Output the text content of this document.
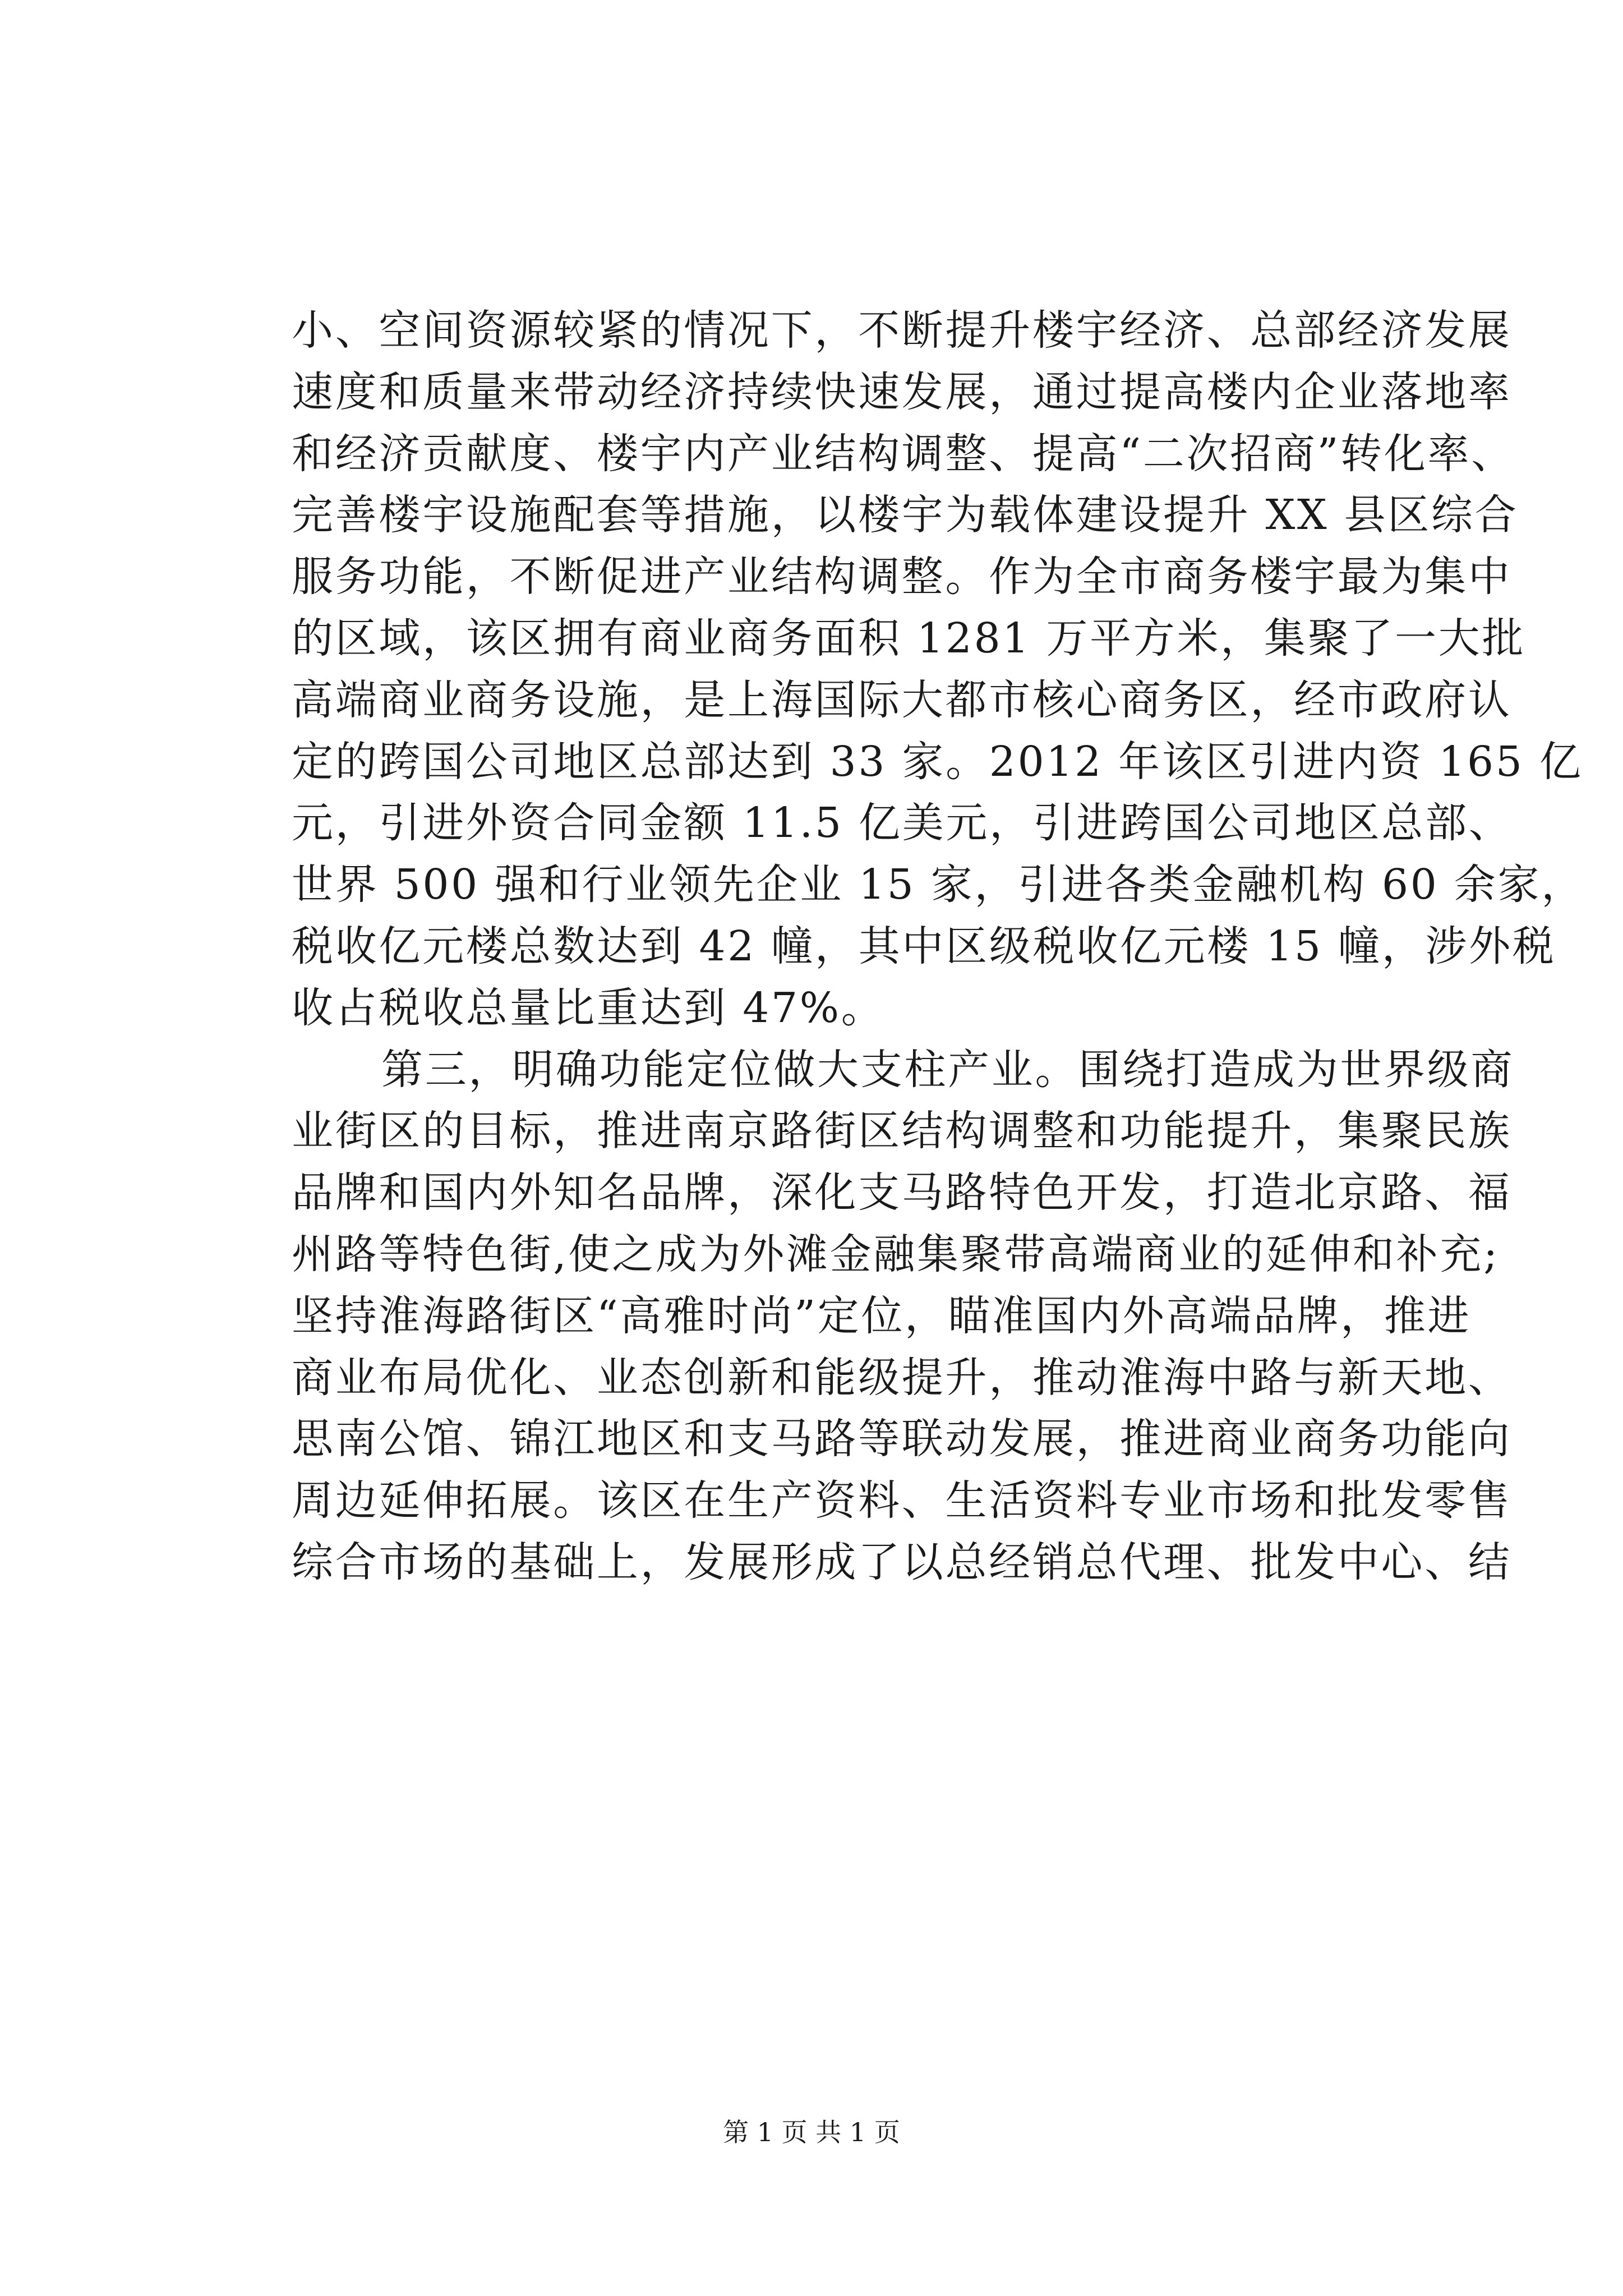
小、空间资源较紧的情况下，不断提升楼宇经济、总部经济发展
速度和质量来带动经济持续快速发展，通过提高楼内企业落地率
和经济贡献度、楼宇内产业结构调整、提高“二次招商”转化率、
完善楼宇设施配套等措施，以楼宇为载体建设提升 XX 县区综合
服务功能，不断促进产业结构调整。作为全市商务楼宇最为集中
的区域，该区拥有商业商务面积 1281 万平方米，集聚了一大批
高端商业商务设施，是上海国际大都市核心商务区，经市政府认
定的跨国公司地区总部达到 33 家。2012 年该区引进内资 165 亿
元，引进外资合同金额 11.5 亿美元，引进跨国公司地区总部、
世界 500 强和行业领先企业 15 家，引进各类金融机构 60 余家，
税收亿元楼总数达到 42 幢，其中区级税收亿元楼 15 幢，涉外税
收占税收总量比重达到 47%。
第三，明确功能定位做大支柱产业。围绕打造成为世界级商
业街区的目标，推进南京路街区结构调整和功能提升，集聚民族
品牌和国内外知名品牌，深化支马路特色开发，打造北京路、福
州路等特色街,使之成为外滩金融集聚带高端商业的延伸和补充;
坚持淮海路街区“高雅时尚”定位，瞄准国内外高端品牌，推进
商业布局优化、业态创新和能级提升，推动淮海中路与新天地、
思南公馆、锦江地区和支马路等联动发展，推进商业商务功能向
周边延伸拓展。该区在生产资料、生活资料专业市场和批发零售
综合市场的基础上，发展形成了以总经销总代理、批发中心、结
第 1 页 共 1 页
